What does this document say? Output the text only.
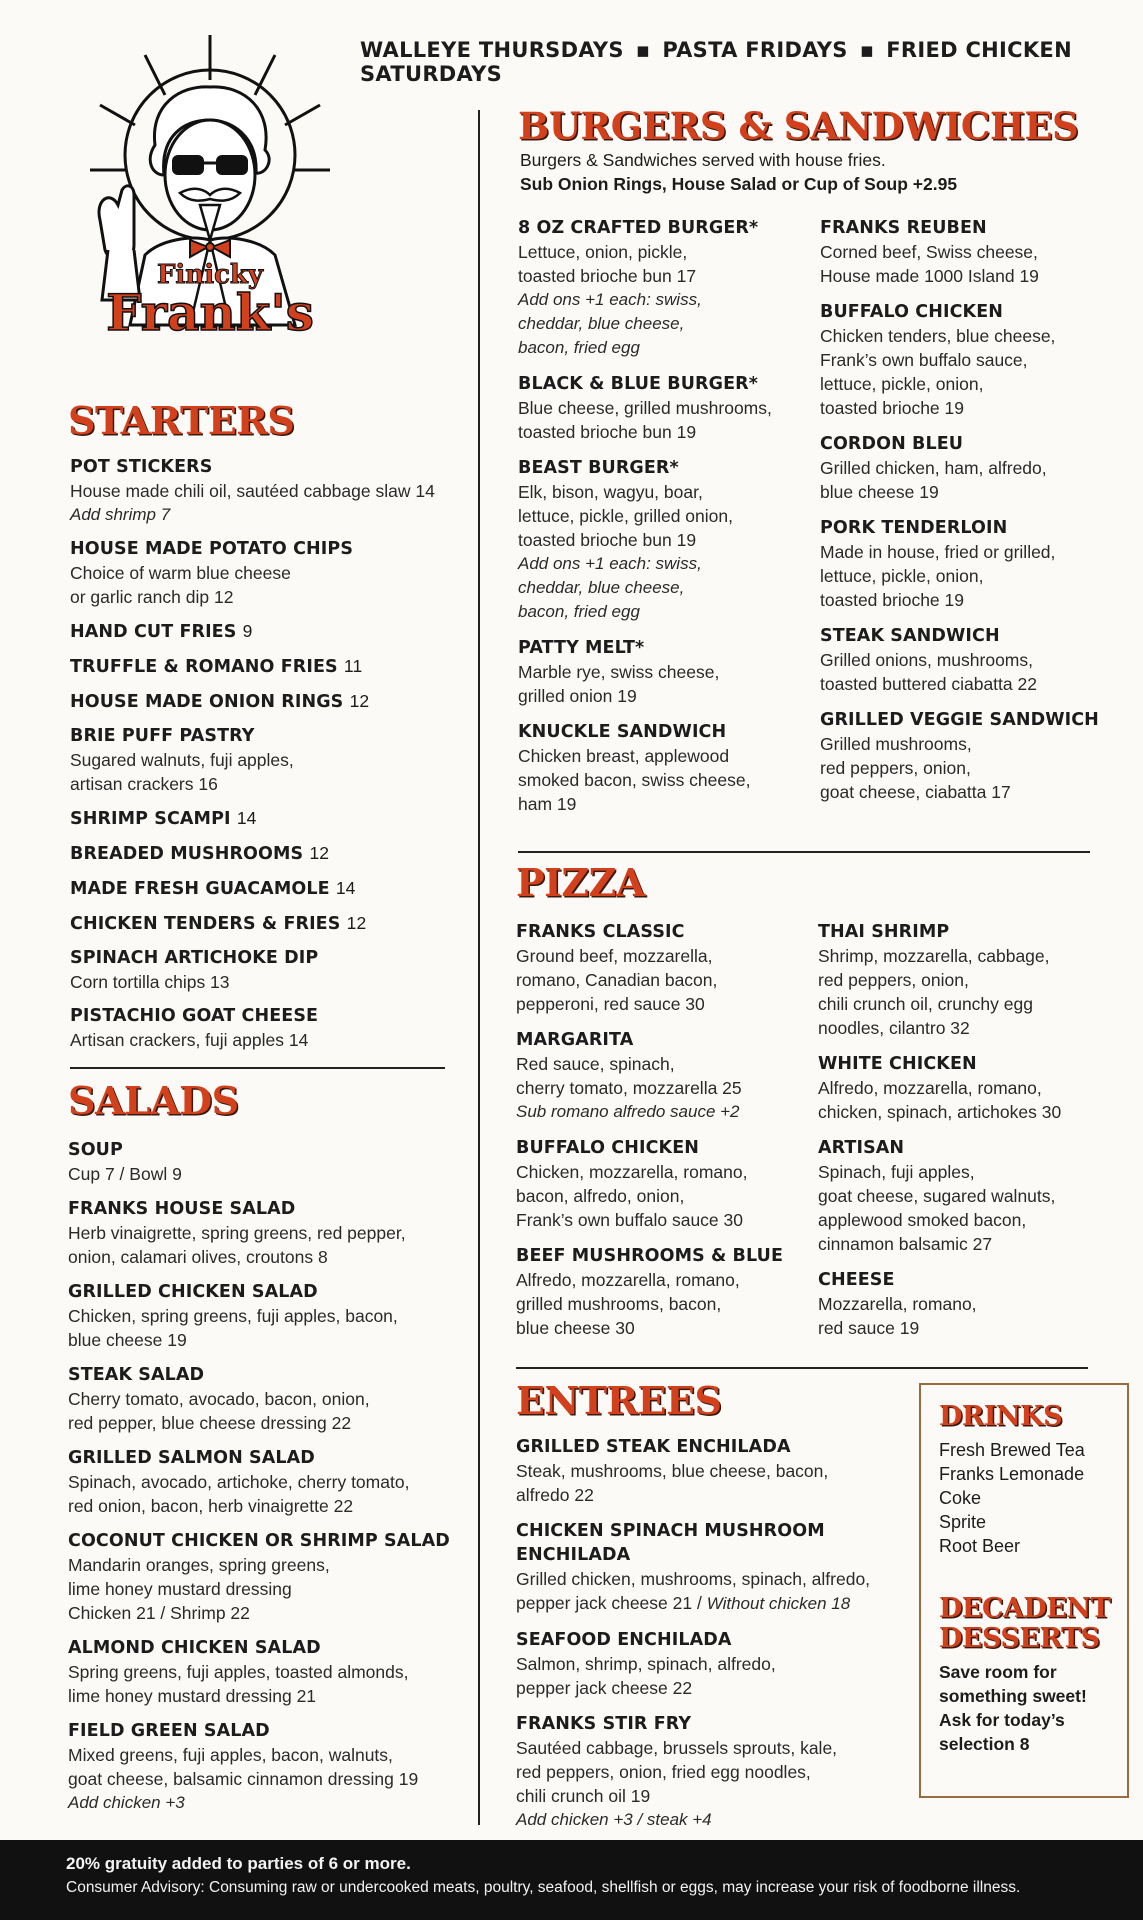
WALLEYE THURSDAYS ▪ PASTA FRIDAYS ▪ FRIED CHICKEN SATURDAYS
Finicky
Frank's
STARTERS
POT STICKERS
House made chili oil, sautéed cabbage slaw 14
Add shrimp 7
HOUSE MADE POTATO CHIPS
Choice of warm blue cheese
or garlic ranch dip 12
HAND CUT FRIES 9
TRUFFLE & ROMANO FRIES 11
HOUSE MADE ONION RINGS 12
BRIE PUFF PASTRY
Sugared walnuts, fuji apples,
artisan crackers 16
SHRIMP SCAMPI 14
BREADED MUSHROOMS 12
MADE FRESH GUACAMOLE 14
CHICKEN TENDERS & FRIES 12
SPINACH ARTICHOKE DIP
Corn tortilla chips 13
PISTACHIO GOAT CHEESE
Artisan crackers, fuji apples 14
SALADS
SOUP
Cup 7 / Bowl 9
FRANKS HOUSE SALAD
Herb vinaigrette, spring greens, red pepper,
onion, calamari olives, croutons 8
GRILLED CHICKEN SALAD
Chicken, spring greens, fuji apples, bacon,
blue cheese 19
STEAK SALAD
Cherry tomato, avocado, bacon, onion,
red pepper, blue cheese dressing 22
GRILLED SALMON SALAD
Spinach, avocado, artichoke, cherry tomato,
red onion, bacon, herb vinaigrette 22
COCONUT CHICKEN OR SHRIMP SALAD
Mandarin oranges, spring greens,
lime honey mustard dressing
Chicken 21 / Shrimp 22
ALMOND CHICKEN SALAD
Spring greens, fuji apples, toasted almonds,
lime honey mustard dressing 21
FIELD GREEN SALAD
Mixed greens, fuji apples, bacon, walnuts,
goat cheese, balsamic cinnamon dressing 19
Add chicken +3
BURGERS & SANDWICHES
Burgers & Sandwiches served with house fries.
Sub Onion Rings, House Salad or Cup of Soup +2.95
8 OZ CRAFTED BURGER*
Lettuce, onion, pickle,
toasted brioche bun 17
Add ons +1 each: swiss,
cheddar, blue cheese,
bacon, fried egg
BLACK & BLUE BURGER*
Blue cheese, grilled mushrooms,
toasted brioche bun 19
BEAST BURGER*
Elk, bison, wagyu, boar,
lettuce, pickle, grilled onion,
toasted brioche bun 19
Add ons +1 each: swiss,
cheddar, blue cheese,
bacon, fried egg
PATTY MELT*
Marble rye, swiss cheese,
grilled onion 19
KNUCKLE SANDWICH
Chicken breast, applewood
smoked bacon, swiss cheese,
ham 19
FRANKS REUBEN
Corned beef, Swiss cheese,
House made 1000 Island 19
BUFFALO CHICKEN
Chicken tenders, blue cheese,
Frank’s own buffalo sauce,
lettuce, pickle, onion,
toasted brioche 19
CORDON BLEU
Grilled chicken, ham, alfredo,
blue cheese 19
PORK TENDERLOIN
Made in house, fried or grilled,
lettuce, pickle, onion,
toasted brioche 19
STEAK SANDWICH
Grilled onions, mushrooms,
toasted buttered ciabatta 22
GRILLED VEGGIE SANDWICH
Grilled mushrooms,
red peppers, onion,
goat cheese, ciabatta 17
PIZZA
FRANKS CLASSIC
Ground beef, mozzarella,
romano, Canadian bacon,
pepperoni, red sauce 30
MARGARITA
Red sauce, spinach,
cherry tomato, mozzarella 25
Sub romano alfredo sauce +2
BUFFALO CHICKEN
Chicken, mozzarella, romano,
bacon, alfredo, onion,
Frank’s own buffalo sauce 30
BEEF MUSHROOMS & BLUE
Alfredo, mozzarella, romano,
grilled mushrooms, bacon,
blue cheese 30
THAI SHRIMP
Shrimp, mozzarella, cabbage,
red peppers, onion,
chili crunch oil, crunchy egg
noodles, cilantro 32
WHITE CHICKEN
Alfredo, mozzarella, romano,
chicken, spinach, artichokes 30
ARTISAN
Spinach, fuji apples,
goat cheese, sugared walnuts,
applewood smoked bacon,
cinnamon balsamic 27
CHEESE
Mozzarella, romano,
red sauce 19
ENTREES
GRILLED STEAK ENCHILADA
Steak, mushrooms, blue cheese, bacon,
alfredo 22
CHICKEN SPINACH MUSHROOM ENCHILADA
Grilled chicken, mushrooms, spinach, alfredo,
pepper jack cheese 21 / Without chicken 18
SEAFOOD ENCHILADA
Salmon, shrimp, spinach, alfredo,
pepper jack cheese 22
FRANKS STIR FRY
Sautéed cabbage, brussels sprouts, kale,
red peppers, onion, fried egg noodles,
chili crunch oil 19
Add chicken +3 / steak +4
DRINKS
Fresh Brewed Tea
Franks Lemonade
Coke
Sprite
Root Beer
DECADENT
DESSERTS
Save room for
something sweet!
Ask for today’s
selection 8
20% gratuity added to parties of 6 or more.
Consumer Advisory: Consuming raw or undercooked meats, poultry, seafood, shellfish or eggs, may increase your risk of foodborne illness.
